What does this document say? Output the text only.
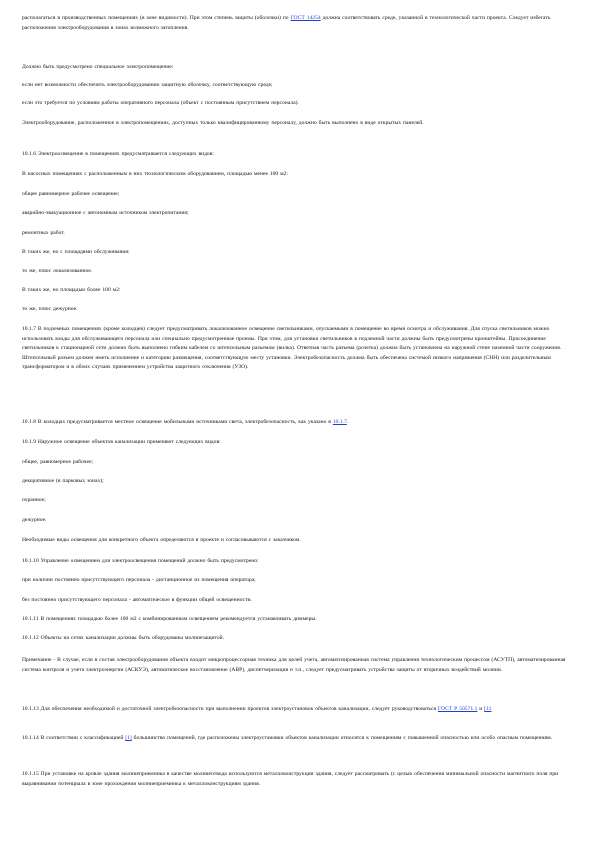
располагаться в производственных помещениях (в зоне видимости). При этом степень защиты (оболочки) по ГОСТ 14254 должна соответствовать среде, указанной в технологической части проекта. Следует избегать расположения электрооборудования в зонах возможного затопления.

Должно быть предусмотрено специальное электропомещение:

если нет возможности обеспечить электрооборудованию защитную оболочку, соответствующую среде;

если это требуется по условиям работы оперативного персонала (объект с постоянным присутствием персонала).

Электрооборудование, расположенное в электропомещениях, доступных только квалифицированному персоналу, должно быть выполнено в виде открытых панелей.

10.1.6 Электроосвещение в помещениях предусматривается следующих видов:

В насосных помещениях с расположенным в них технологическим оборудованием, площадью менее 100 м2:

общее равномерное рабочее освещение;

аварийно-эвакуационное с автономным источником электропитания;

ремонтных работ.

В таких же, но с площадями обслуживания:

то же, плюс локализованное.

В таких же, но площадью более 100 м2:

то же, плюс дежурное.

10.1.7 В подземных помещениях (кроме колодцев) следует предусматривать локализованное освещение светильниками, опускаемыми в помещение во время осмотра и обслуживания. Для спуска светильников можно использовать входы для обслуживающего персонала или специально предусмотренные проемы. При этом, для установки светильников в подземной части должны быть предусмотрены кронштейны. Присоединение светильников к стационарной сети должно быть выполнено гибким кабелем со штепсельным разъемом (вилка). Ответная часть разъема (розетка) должна быть установлена на наружной стене наземной части сооружения. Штепсельный разъем должен иметь исполнение и категорию размещения, соответствующую месту установки. Электробезопасность должна быть обеспечена системой низкого напряжения (СНН) или разделительным трансформатором и в обоих случаях применением устройства защитного отключения (УЗО).

10.1.8 В колодцах предусматривается местное освещение мобильными источниками света, электробезопасность, как указано в 10.1.7.

10.1.9 Наружное освещение объектов канализации применяют следующих видов:

общее, равномерное рабочее;

декоративное (в парковых зонах);

охранное;

дежурное.

Необходимые виды освещения для конкретного объекта определяются в проекте и согласовываются с заказчиком.

10.1.10 Управление освещением для электроосвещения помещений должно быть предусмотрено:

при наличии постоянно присутствующего персонала - дистанционное из помещения оператора;

без постоянно присутствующего персонала - автоматическое в функции общей освещенности.

10.1.11 В помещениях площадью более 100 м2 с комбинированным освещением рекомендуется устанавливать диммеры.

10.1.12 Объекты на сетях канализации должны быть оборудованы молниезащитой.

Примечание - В случае, если в состав электрооборудования объекта входит микропроцессорная техника для целей учета, автоматизированная система управления технологическим процессом (АСУТП), автоматизированная система контроля и учета электроэнергии (АСКУЭ), автоматическое восстановление (АВР), диспетчеризация и т.п., следует предусматривать устройства защиты от вторичных воздействий молнии.

10.1.13 Для обеспечения необходимой и достаточной электробезопасности при выполнении проектов электроустановок объектов канализации, следует руководствоваться ГОСТ Р 50571.1 и [11

10.1.14 В соответствии с классификацией [1] большинство помещений, где расположены электроустановки объектов канализации относятся к помещениям с повышенной опасностью или особо опасным помещениям.

10.1.15 При установке на кровле здания молниеприемника в качестве молниеотвода используются металлоконструкции здания, следует рассматривать (с целью обеспечения минимальной опасности магнитного поля при выравнивании потенциала в зоне прохождения молниеприемника к металлоконструкциям здания.
